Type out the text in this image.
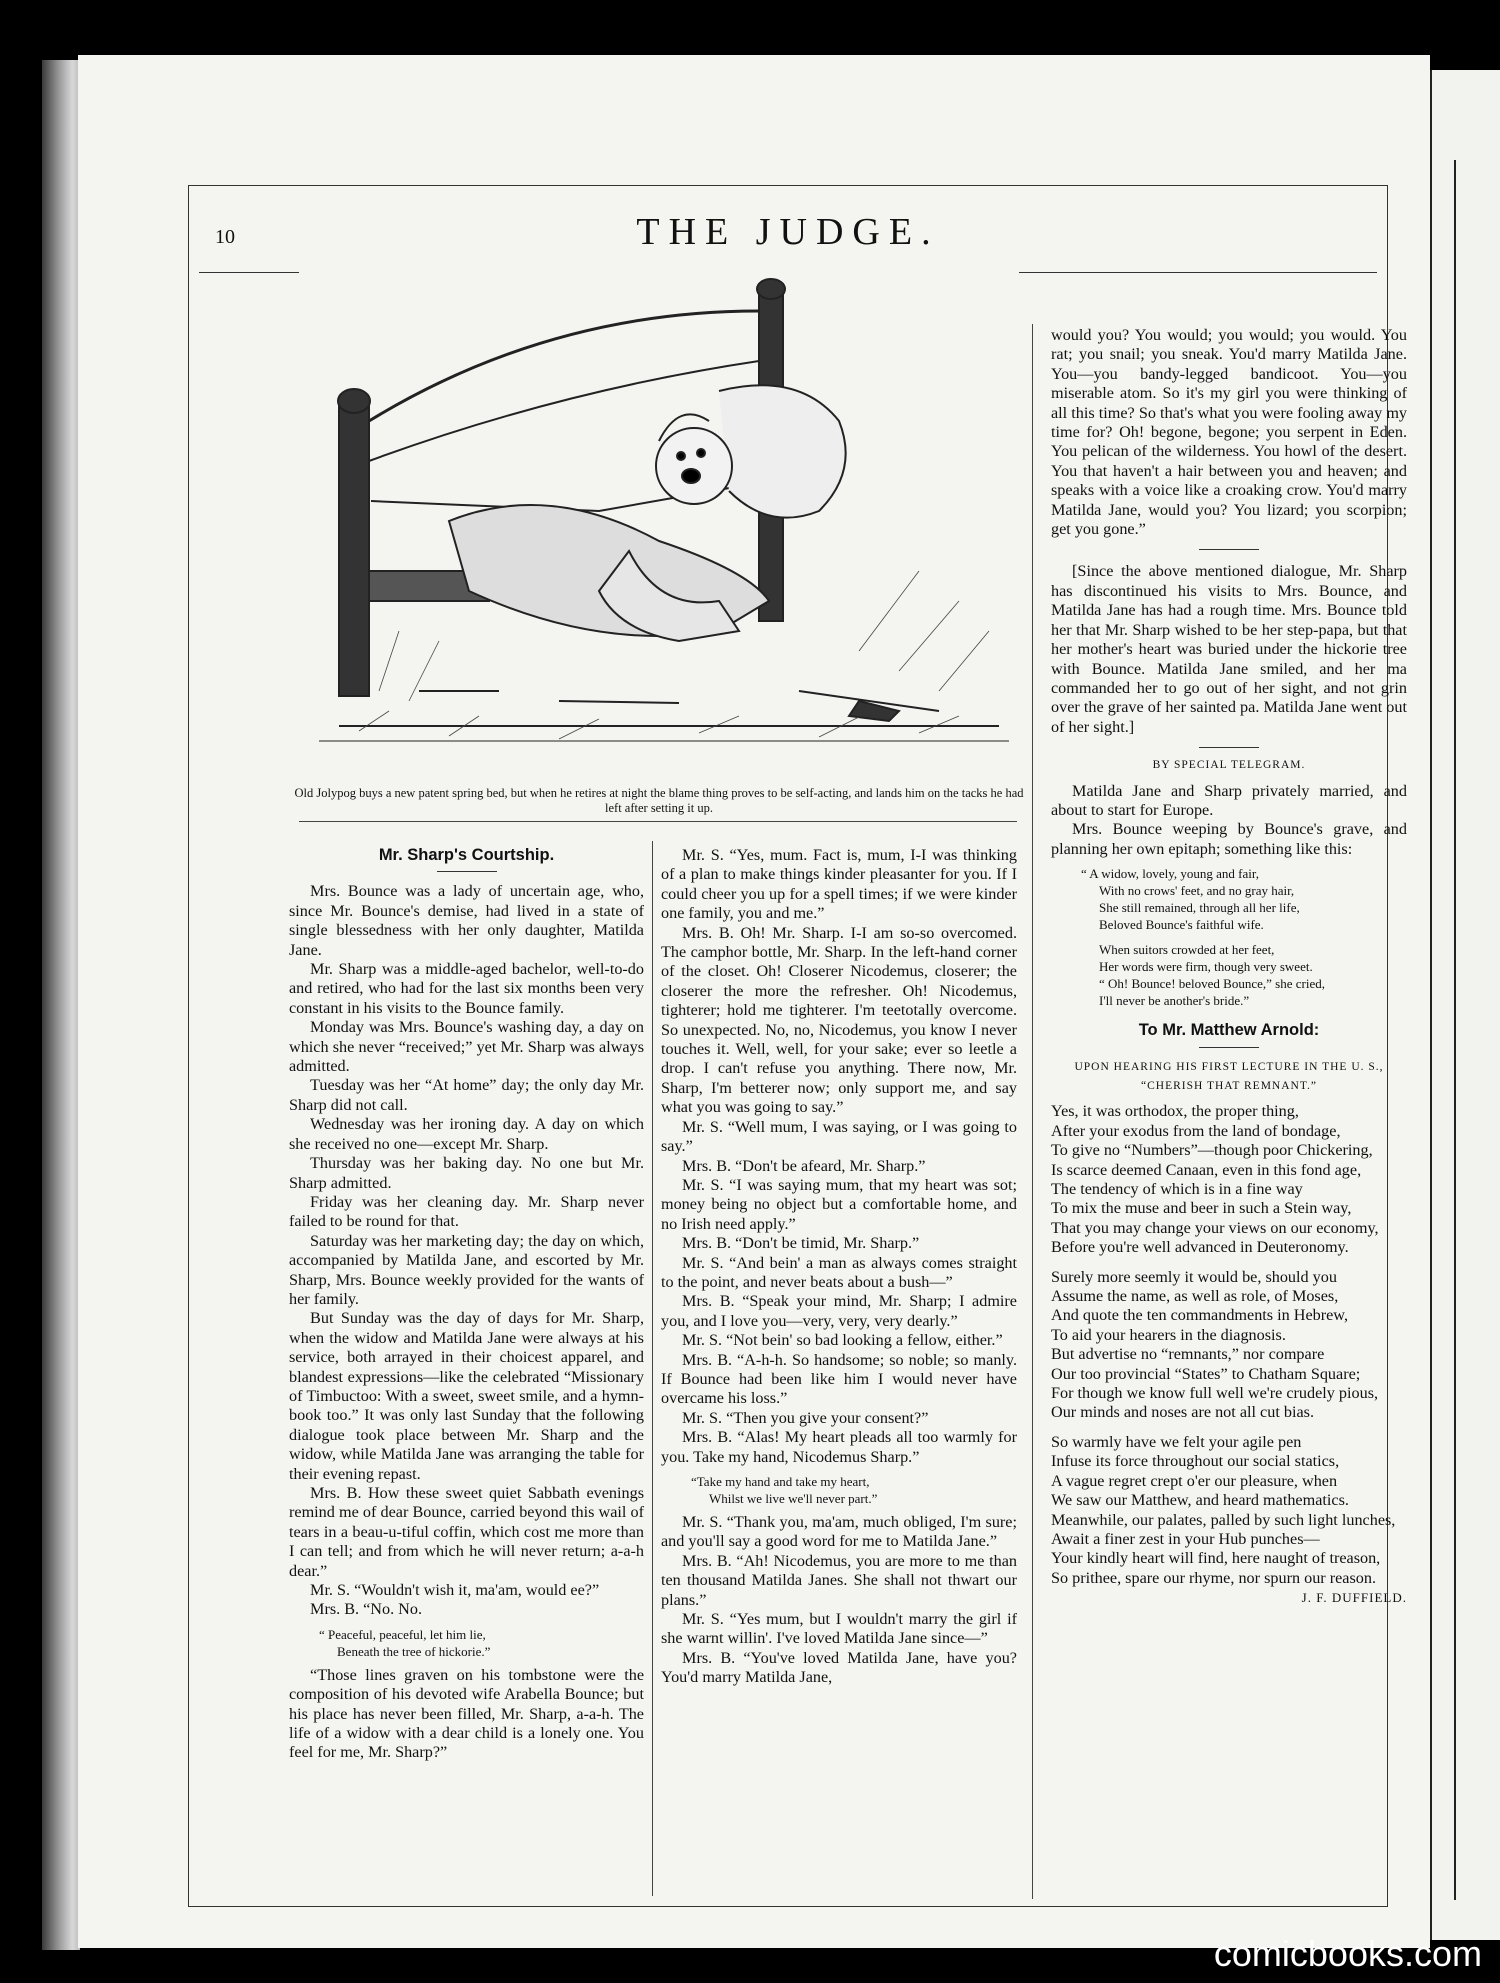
10	THE JUDGE.
Old Jolypog buys a new patent spring bed, but when he retires at night the blame thing proves to be self-acting, and lands him on the tacks he had left after setting it up.
Mr. Sharp's Courtship.

Mrs. Bounce was a lady of uncertain age, who, since Mr. Bounce's demise, had lived in a state of single blessedness with her only daughter, Matilda Jane.

Mr. Sharp was a middle-aged bachelor, well-to-do and retired, who had for the last six months been very constant in his visits to the Bounce family.

Monday was Mrs. Bounce's washing day, a day on which she never “received;” yet Mr. Sharp was always admitted.

Tuesday was her “At home” day; the only day Mr. Sharp did not call.

Wednesday was her ironing day. A day on which she received no one—except Mr. Sharp.

Thursday was her baking day. No one but Mr. Sharp admitted.

Friday was her cleaning day. Mr. Sharp never failed to be round for that.

Saturday was her marketing day; the day on which, accompanied by Matilda Jane, and escorted by Mr. Sharp, Mrs. Bounce weekly provided for the wants of her family.

But Sunday was the day of days for Mr. Sharp, when the widow and Matilda Jane were always at his service, both arrayed in their choicest apparel, and blandest expressions—like the celebrated “Missionary of Timbuctoo: With a sweet, sweet smile, and a hymn-book too.” It was only last Sunday that the following dialogue took place between Mr. Sharp and the widow, while Matilda Jane was arranging the table for their evening repast.

Mrs. B. How these sweet quiet Sabbath evenings remind me of dear Bounce, carried beyond this wail of tears in a beau-u-tiful coffin, which cost me more than I can tell; and from which he will never return; a-a-h dear.”

Mr. S. “Wouldn't wish it, ma'am, would ee?”

Mrs. B. “No. No.

“ Peaceful, peaceful, let him lie,
Beneath the tree of hickorie.”

“Those lines graven on his tombstone were the composition of his devoted wife Arabella Bounce; but his place has never been filled, Mr. Sharp, a-a-h. The life of a widow with a dear child is a lonely one. You feel for me, Mr. Sharp?”

Mr. S. “Yes, mum. Fact is, mum, I-I was thinking of a plan to make things kinder pleasanter for you. If I could cheer you up for a spell times; if we were kinder one family, you and me.”

Mrs. B. Oh! Mr. Sharp. I-I am so-so overcomed. The camphor bottle, Mr. Sharp. In the left-hand corner of the closet. Oh! Closerer Nicodemus, closerer; the closerer the more the refresher. Oh! Nicodemus, tighterer; hold me tighterer. I'm teetotally overcome. So unexpected. No, no, Nicodemus, you know I never touches it. Well, well, for your sake; ever so leetle a drop. I can't refuse you anything. There now, Mr. Sharp, I'm betterer now; only support me, and say what you was going to say.”

Mr. S. “Well mum, I was saying, or I was going to say.”

Mrs. B. “Don't be afeard, Mr. Sharp.”

Mr. S. “I was saying mum, that my heart was sot; money being no object but a comfortable home, and no Irish need apply.”

Mrs. B. “Don't be timid, Mr. Sharp.”

Mr. S. “And bein' a man as always comes straight to the point, and never beats about a bush—”

Mrs. B. “Speak your mind, Mr. Sharp; I admire you, and I love you—very, very, very dearly.”

Mr. S. “Not bein' so bad looking a fellow, either.”

Mrs. B. “A-h-h. So handsome; so noble; so manly. If Bounce had been like him I would never have overcame his loss.”

Mr. S. “Then you give your consent?”

Mrs. B. “Alas! My heart pleads all too warmly for you. Take my hand, Nicodemus Sharp.”

“Take my hand and take my heart,
Whilst we live we'll never part.”

Mr. S. “Thank you, ma'am, much obliged, I'm sure; and you'll say a good word for me to Matilda Jane.”

Mrs. B. “Ah! Nicodemus, you are more to me than ten thousand Matilda Janes. She shall not thwart our plans.”

Mr. S. “Yes mum, but I wouldn't marry the girl if she warnt willin'. I've loved Matilda Jane since—”

Mrs. B. “You've loved Matilda Jane, have you? You'd marry Matilda Jane,

would you? You would; you would; you would. You rat; you snail; you sneak. You'd marry Matilda Jane. You—you bandy-legged bandicoot. You—you miserable atom. So it's my girl you were thinking of all this time? So that's what you were fooling away my time for? Oh! begone, begone; you serpent in Eden. You pelican of the wilderness. You howl of the desert. You that haven't a hair between you and heaven; and speaks with a voice like a croaking crow. You'd marry Matilda Jane, would you? You lizard; you scorpion; get you gone.”

[Since the above mentioned dialogue, Mr. Sharp has discontinued his visits to Mrs. Bounce, and Matilda Jane has had a rough time. Mrs. Bounce told her that Mr. Sharp wished to be her step-papa, but that her mother's heart was buried under the hickorie tree with Bounce. Matilda Jane smiled, and her ma commanded her to go out of her sight, and not grin over the grave of her sainted pa. Matilda Jane went out of her sight.]

BY SPECIAL TELEGRAM.

Matilda Jane and Sharp privately married, and about to start for Europe.

Mrs. Bounce weeping by Bounce's grave, and planning her own epitaph; something like this:

“ A widow, lovely, young and fair,
With no crows' feet, and no gray hair,
She still remained, through all her life,
Beloved Bounce's faithful wife.
When suitors crowded at her feet,
Her words were firm, though very sweet.
“ Oh! Bounce! beloved Bounce,” she cried,
I'll never be another's bride.”
To Mr. Matthew Arnold:
UPON HEARING HIS FIRST LECTURE IN THE U. S., “CHERISH THAT REMNANT.”

Yes, it was orthodox, the proper thing,

After your exodus from the land of bondage,

To give no “Numbers”—though poor Chickering,

Is scarce deemed Canaan, even in this fond age,

The tendency of which is in a fine way

To mix the muse and beer in such a Stein way,

That you may change your views on our economy,

Before you're well advanced in Deuteronomy.

Surely more seemly it would be, should you

Assume the name, as well as role, of Moses,

And quote the ten commandments in Hebrew,

To aid your hearers in the diagnosis.

But advertise no “remnants,” nor compare

Our too provincial “States” to Chatham Square;

For though we know full well we're crudely pious,

Our minds and noses are not all cut bias.

So warmly have we felt your agile pen

Infuse its force throughout our social statics,

A vague regret crept o'er our pleasure, when

We saw our Matthew, and heard mathematics.

Meanwhile, our palates, palled by such light lunches,

Await a finer zest in your Hub punches—

Your kindly heart will find, here naught of treason,

So prithee, spare our rhyme, nor spurn our reason.

J. F. DUFFIELD.
comicbooks.com
